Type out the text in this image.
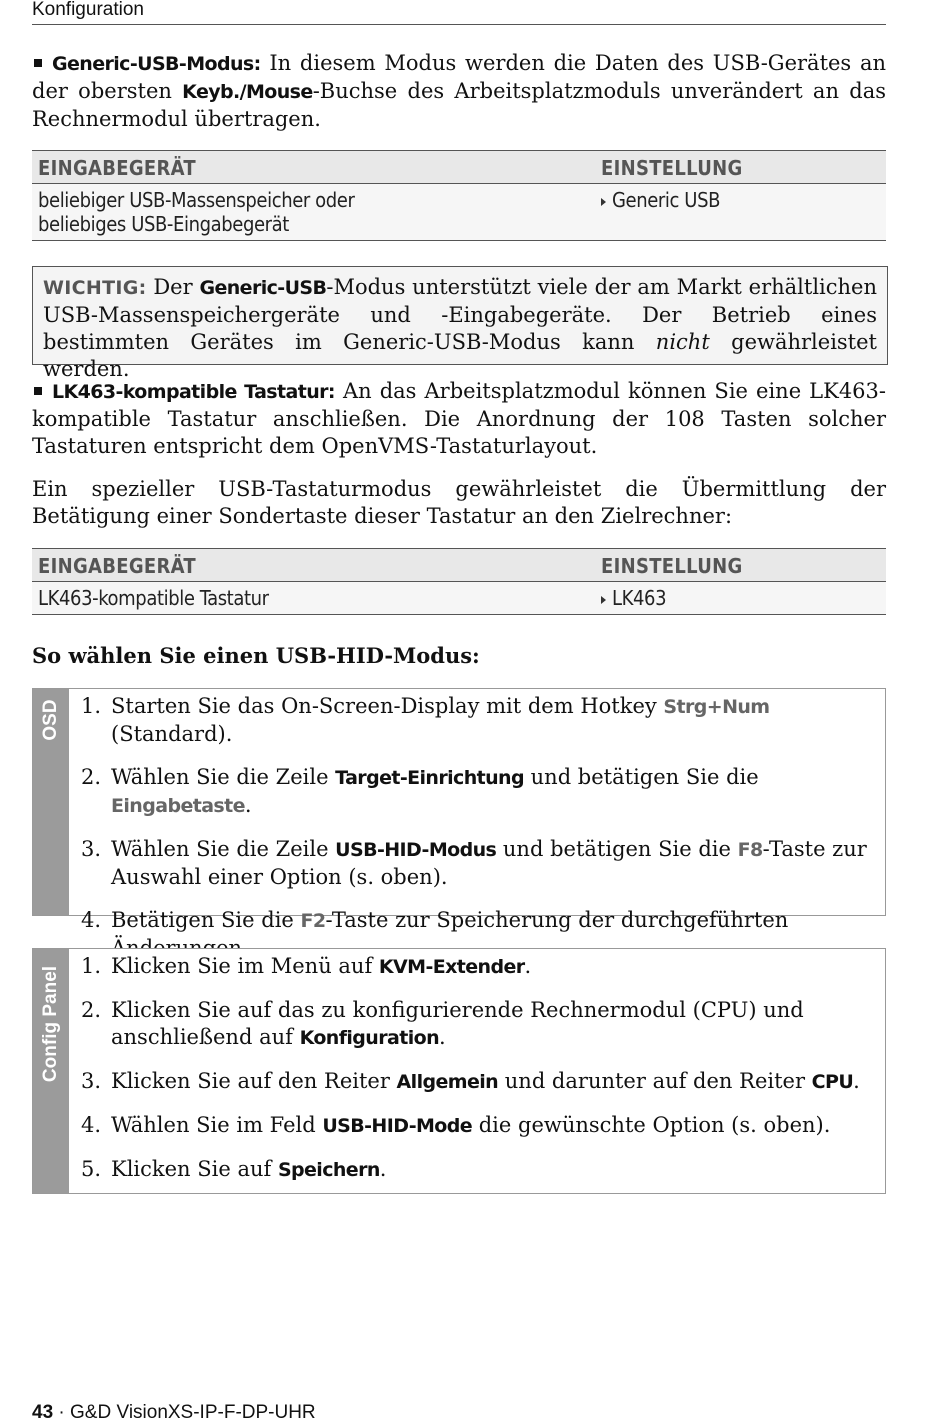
Konfiguration

Generic-USB-Modus: In diesem Modus werden die Daten des USB-Gerätes an der obersten Keyb./Mouse-Buchse des Arbeitsplatzmoduls unverändert an das Rechnermodul übertragen.

EINGABEGERÄT	EINSTELLUNG
beliebiger USB-Massenspeicher oder
beliebiges USB-Eingabegerät	Generic USB
WICHTIG: Der Generic-USB-Modus unterstützt viele der am Markt erhältlichen USB-Massenspeichergeräte und -Eingabegeräte. Der Betrieb eines bestimmten Gerätes im Generic-USB-Modus kann nicht gewährleistet werden.

LK463-kompatible Tastatur: An das Arbeitsplatzmodul können Sie eine LK463-kompatible Tastatur anschließen. Die Anordnung der 108 Tasten solcher Tastaturen entspricht dem OpenVMS-Tastaturlayout.

Ein spezieller USB-Tastaturmodus gewährleistet die Übermittlung der Betätigung einer Sondertaste dieser Tastatur an den Zielrechner:

EINGABEGERÄT	EINSTELLUNG
LK463-kompatible Tastatur	LK463

So wählen Sie einen USB-HID-Modus:

OSD 1. Starten Sie das On-Screen-Display mit dem Hotkey Strg+Num (Standard).
2. Wählen Sie die Zeile Target-Einrichtung und betätigen Sie die Eingabetaste.
3. Wählen Sie die Zeile USB-HID-Modus und betätigen Sie die F8-Taste zur Auswahl einer Option (s. oben).
4. Betätigen Sie die F2-Taste zur Speicherung der durchgeführten
Config Panel 1. Klicken Sie im Menü auf KVM-Extender.
2. Klicken Sie auf das zu konfigurierende Rechnermodul (CPU) und anschließend auf Konfiguration.
3. Klicken Sie auf den Reiter Allgemein und darunter auf den Reiter CPU.
4. Wählen Sie im Feld USB-HID-Mode die gewünschte Option (s. oben).
5. Klicken Sie auf Speichern.
43 · G&D VisionXS-IP-F-DP-UHR
